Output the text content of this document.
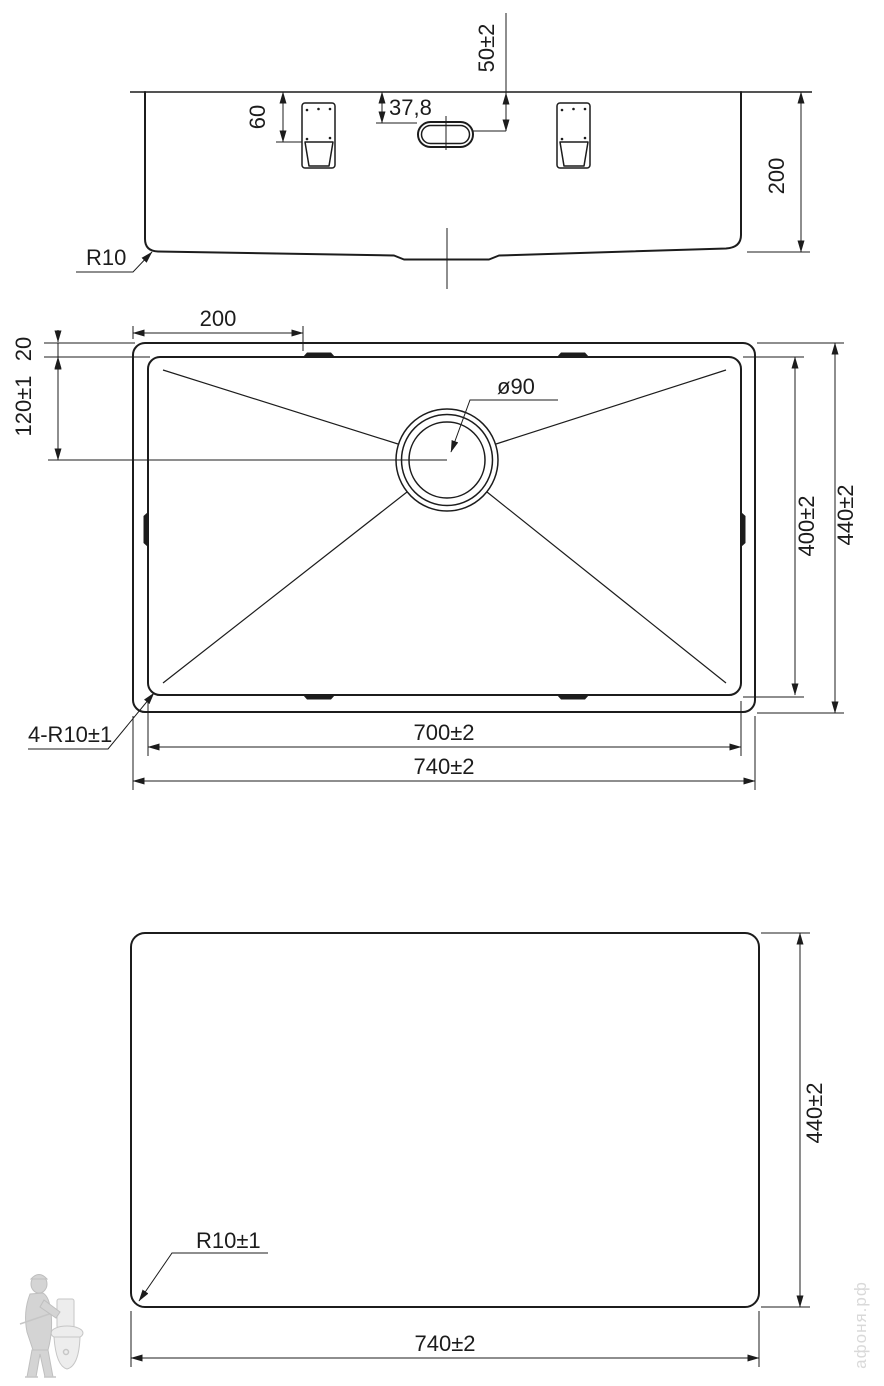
60	37,8
50±2
200
R10
200
20
120±1	ø90
4-R10±1	700±2
740±2
400±2 440±2
440±2
740±2
R10±1
афоня.рф
